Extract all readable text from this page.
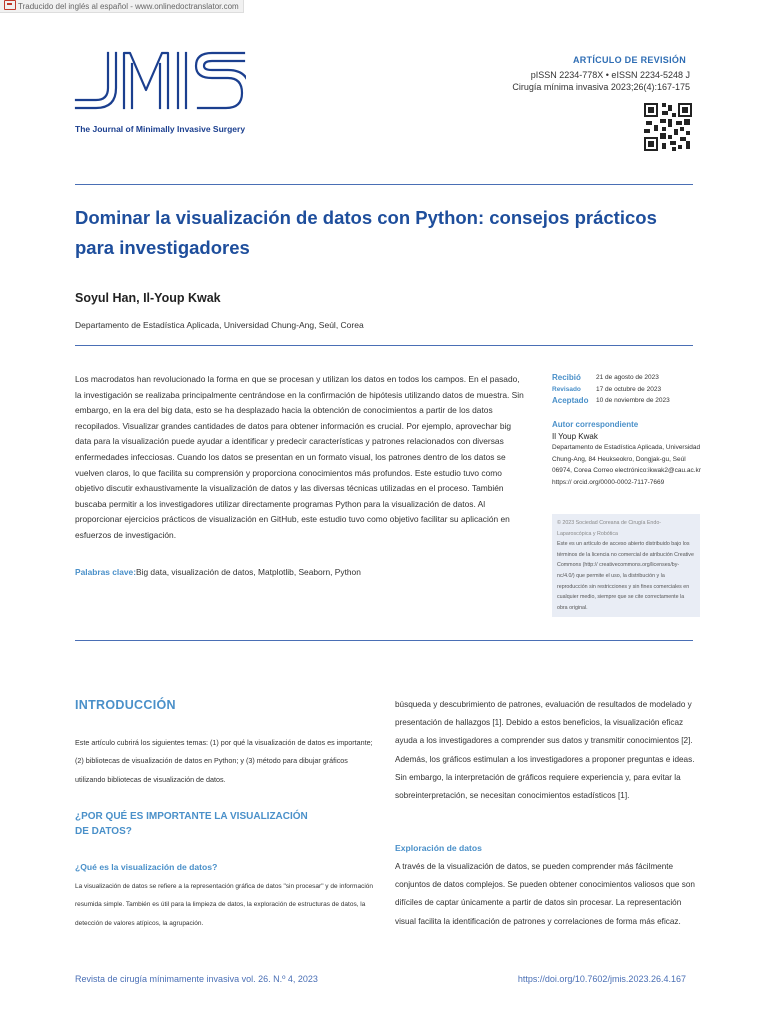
Traducido del inglés al español - www.onlinedoctranslator.com
The Journal of Minimally Invasive Surgery
ARTÍCULO DE REVISIÓN
pISSN 2234-778X • eISSN 2234-5248 J
Cirugía mínima invasiva 2023;26(4):167-175
Dominar la visualización de datos con Python: consejos prácticos para investigadores
Soyul Han, Il-Youp Kwak
Departamento de Estadística Aplicada, Universidad Chung-Ang, Seúl, Corea
Los macrodatos han revolucionado la forma en que se procesan y utilizan los datos en todos los campos. En el pasado, la investigación se realizaba principalmente centrándose en la confirmación de hipótesis utilizando datos de muestra. Sin embargo, en la era del big data, esto se ha desplazado hacia la obtención de conocimientos a partir de los datos recopilados. Visualizar grandes cantidades de datos para obtener información es crucial. Por ejemplo, aprovechar big data para la visualización puede ayudar a identificar y predecir características y patrones relacionados con diversas enfermedades infecciosas. Cuando los datos se presentan en un formato visual, los patrones dentro de los datos se vuelven claros, lo que facilita su comprensión y proporciona conocimientos más profundos. Este estudio tuvo como objetivo discutir exhaustivamente la visualización de datos y las diversas técnicas utilizadas en el proceso. También buscaba permitir a los investigadores utilizar directamente programas Python para la visualización de datos. Al proporcionar ejercicios prácticos de visualización en GitHub, este estudio tuvo como objetivo facilitar su aplicación en esfuerzos de investigación.
Palabras clave:Big data, visualización de datos, Matplotlib, Seaborn, Python
Recibió	21 de agosto de 2023
Revisado	17 de octubre de 2023
Aceptado	10 de noviembre de 2023
Autor correspondiente
Il Youp Kwak
Departamento de Estadística Aplicada, Universidad Chung-Ang, 84 Heukseokro, Dongjak-gu, Seúl 06974, Corea Correo electrónico:ikwak2@cau.ac.kr https:// orcid.org/0000-0002-7117-7669
© 2023 Sociedad Coreana de Cirugía Endo-Laparoscópica y Robótica
Este es un artículo de acceso abierto distribuido bajo los términos de la licencia no comercial de atribución Creative Commons (http:// creativecommons.org/licenses/by-nc/4.0/) que permite el uso, la distribución y la reproducción sin restricciones y sin fines comerciales en cualquier medio, siempre que se cite correctamente la obra original.
INTRODUCCIÓN
Este artículo cubrirá los siguientes temas: (1) por qué la visualización de datos es importante; (2) bibliotecas de visualización de datos en Python; y (3) método para dibujar gráficos utilizando bibliotecas de visualización de datos.
¿POR QUÉ ES IMPORTANTE LA VISUALIZACIÓN DE DATOS?
¿Qué es la visualización de datos?
La visualización de datos se refiere a la representación gráfica de datos "sin procesar" y de información resumida simple. También es útil para la limpieza de datos, la exploración de estructuras de datos, la detección de valores atípicos, la agrupación.
búsqueda y descubrimiento de patrones, evaluación de resultados de modelado y presentación de hallazgos [1]. Debido a estos beneficios, la visualización eficaz ayuda a los investigadores a comprender sus datos y transmitir conocimientos [2]. Además, los gráficos estimulan a los investigadores a proponer preguntas e ideas. Sin embargo, la interpretación de gráficos requiere experiencia y, para evitar la sobreinterpretación, se necesitan conocimientos estadísticos [1].
Exploración de datos
A través de la visualización de datos, se pueden comprender más fácilmente conjuntos de datos complejos. Se pueden obtener conocimientos valiosos que son difíciles de captar únicamente a partir de datos sin procesar. La representación visual facilita la identificación de patrones y correlaciones de forma más eficaz.
Revista de cirugía mínimamente invasiva vol. 26. N.º 4, 2023	https://doi.org/10.7602/jmis.2023.26.4.167
